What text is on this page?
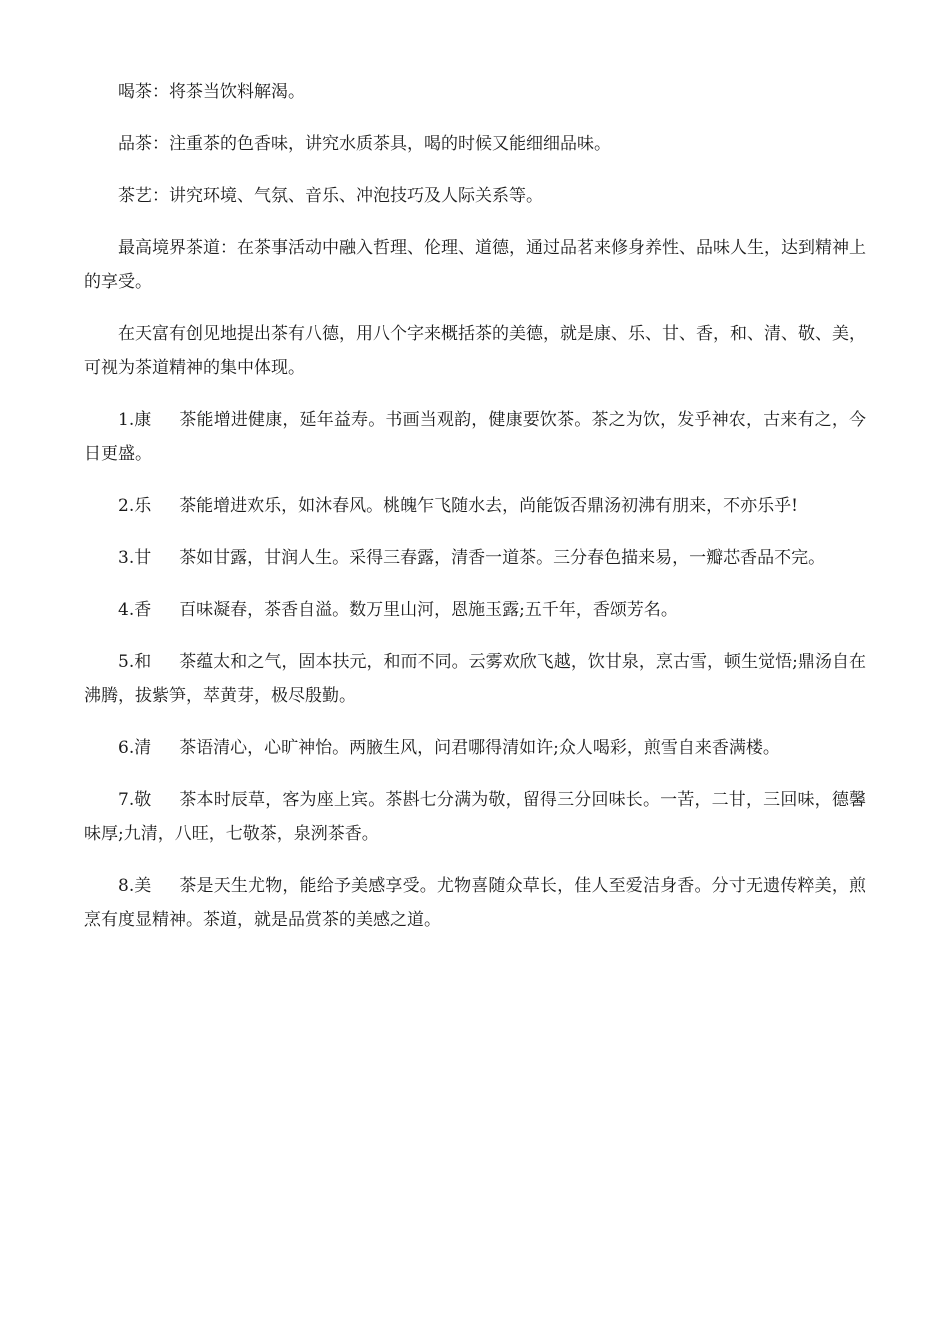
喝茶：将茶当饮料解渴。

品茶：注重茶的色香味，讲究水质茶具，喝的时候又能细细品味。

茶艺：讲究环境、气氛、音乐、冲泡技巧及人际关系等。

最高境界茶道：在茶事活动中融入哲理、伦理、道德，通过品茗来修身养性、品味人生，达到精神上的享受。

在天富有创见地提出茶有八德，用八个字来概括茶的美德，就是康、乐、甘、香，和、清、敬、美，可视为茶道精神的集中体现。

1.康 茶能增进健康，延年益寿。书画当观韵，健康要饮茶。茶之为饮，发乎神农，古来有之，今日更盛。

2.乐 茶能增进欢乐，如沐春风。桃魄乍飞随水去，尚能饭否鼎汤初沸有朋来，不亦乐乎!

3.甘 茶如甘露，甘润人生。采得三春露，清香一道茶。三分春色描来易，一瓣芯香品不完。

4.香 百味凝春，茶香自溢。数万里山河，恩施玉露;五千年，香颂芳名。

5.和 茶蕴太和之气，固本扶元，和而不同。云雾欢欣飞越，饮甘泉，烹古雪，顿生觉悟;鼎汤自在沸腾，拔紫笋，萃黄芽，极尽殷勤。

6.清 茶语清心，心旷神怡。两腋生风，问君哪得清如许;众人喝彩，煎雪自来香满楼。

7.敬 茶本时辰草，客为座上宾。茶斟七分满为敬，留得三分回味长。一苦，二甘，三回味，德馨味厚;九清，八旺，七敬茶，泉洌茶香。

8.美 茶是天生尤物，能给予美感享受。尤物喜随众草长，佳人至爱洁身香。分寸无遗传粹美，煎烹有度显精神。茶道，就是品赏茶的美感之道。
